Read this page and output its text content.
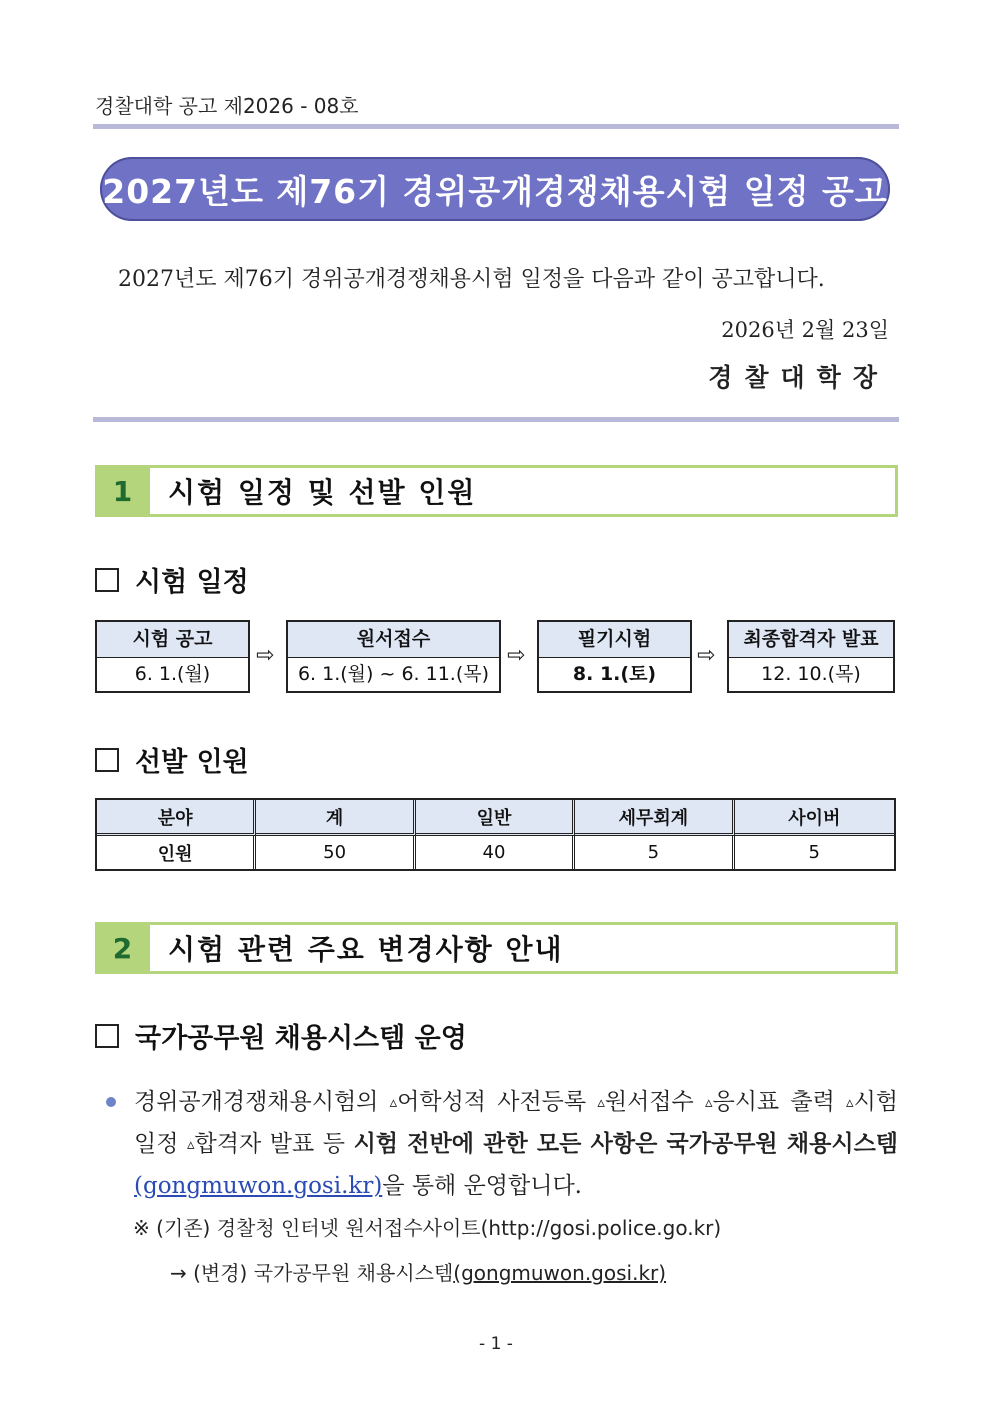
경찰대학 공고 제2026 - 08호
2027년도 제76기 경위공개경쟁채용시험 일정 공고
2027년도 제76기 경위공개경쟁채용시험 일정을 다음과 같이 공고합니다.
2026년 2월 23일
경찰대학장
1 시험 일정 및 선발 인원
시험 일정
시험 공고
6. 1.(월)
⇨
원서접수
6. 1.(월) ~ 6. 11.(목)
⇨
필기시험
8. 1.(토)
⇨
최종합격자 발표
12. 10.(목)
선발 인원
분야	계	일반	세무회계	사이버
인원	50	40	5	5
2 시험 관련 주요 변경사항 안내
국가공무원 채용시스템 운영
경위공개경쟁채용시험의 ▵어학성적 사전등록 ▵원서접수 ▵응시표 출력 ▵시험 일정 ▵합격자 발표 등 시험 전반에 관한 모든 사항은 국가공무원 채용시스템(gongmuwon.gosi.kr)을 통해 운영합니다.
※ (기존) 경찰청 인터넷 원서접수사이트(http://gosi.police.go.kr)
→ (변경) 국가공무원 채용시스템(gongmuwon.gosi.kr)
- 1 -
